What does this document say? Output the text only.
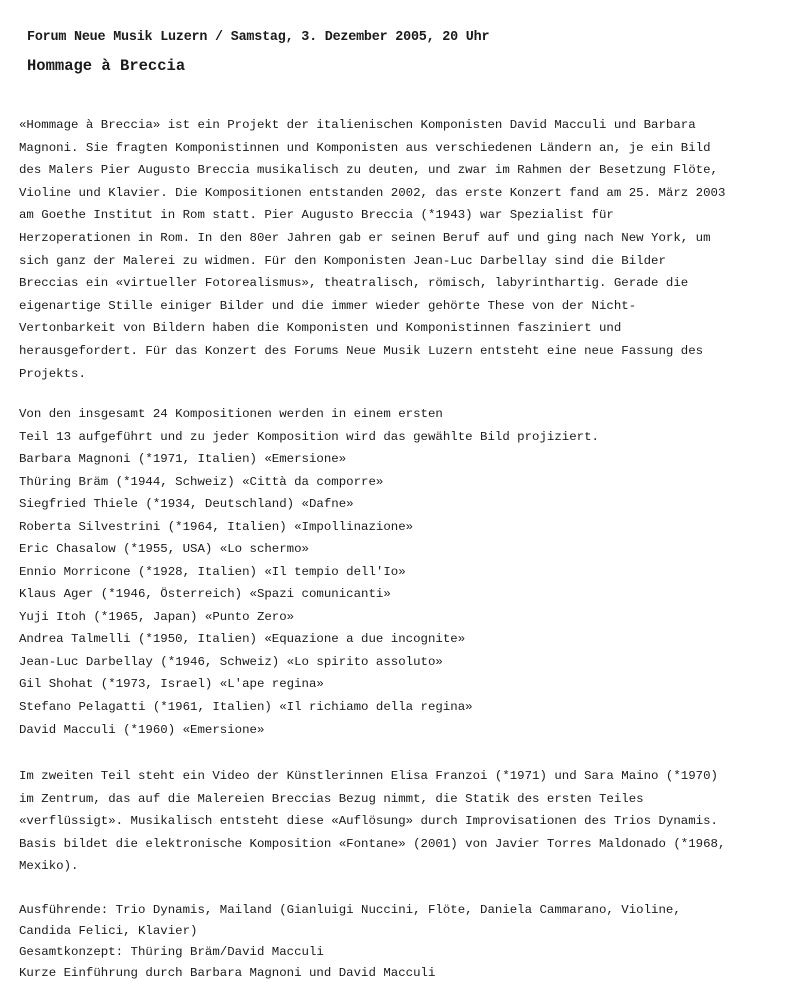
Forum Neue Musik Luzern / Samstag, 3. Dezember 2005, 20 Uhr
Hommage à Breccia
«Hommage à Breccia» ist ein Projekt der italienischen Komponisten David Macculi und Barbara
Magnoni. Sie fragten Komponistinnen und Komponisten aus verschiedenen Ländern an, je ein Bild
des Malers Pier Augusto Breccia musikalisch zu deuten, und zwar im Rahmen der Besetzung Flöte,
Violine und Klavier. Die Kompositionen entstanden 2002, das erste Konzert fand am 25. März 2003
am Goethe Institut in Rom statt. Pier Augusto Breccia (*1943) war Spezialist für
Herzoperationen in Rom. In den 80er Jahren gab er seinen Beruf auf und ging nach New York, um
sich ganz der Malerei zu widmen. Für den Komponisten Jean-Luc Darbellay sind die Bilder
Breccias ein «virtueller Fotorealismus», theatralisch, römisch, labyrinthartig. Gerade die
eigenartige Stille einiger Bilder und die immer wieder gehörte These von der Nicht-
Vertonbarkeit von Bildern haben die Komponisten und Komponistinnen fasziniert und
herausgefordert. Für das Konzert des Forums Neue Musik Luzern entsteht eine neue Fassung des
Projekts.
Von den insgesamt 24 Kompositionen werden in einem ersten
Teil 13 aufgeführt und zu jeder Komposition wird das gewählte Bild projiziert.
Barbara Magnoni (*1971, Italien) «Emersione»
Thüring Bräm (*1944, Schweiz) «Città da comporre»
Siegfried Thiele (*1934, Deutschland) «Dafne»
Roberta Silvestrini (*1964, Italien) «Impollinazione»
Eric Chasalow (*1955, USA) «Lo schermo»
Ennio Morricone (*1928, Italien) «Il tempio dell'Io»
Klaus Ager (*1946, Österreich) «Spazi comunicanti»
Yuji Itoh (*1965, Japan) «Punto Zero»
Andrea Talmelli (*1950, Italien) «Equazione a due incognite»
Jean-Luc Darbellay (*1946, Schweiz) «Lo spirito assoluto»
Gil Shohat (*1973, Israel) «L'ape regina»
Stefano Pelagatti (*1961, Italien) «Il richiamo della regina»
David Macculi (*1960) «Emersione»
Im zweiten Teil steht ein Video der Künstlerinnen Elisa Franzoi (*1971) und Sara Maino (*1970)
im Zentrum, das auf die Malereien Breccias Bezug nimmt, die Statik des ersten Teiles
«verflüssigt». Musikalisch entsteht diese «Auflösung» durch Improvisationen des Trios Dynamis.
Basis bildet die elektronische Komposition «Fontane» (2001) von Javier Torres Maldonado (*1968,
Mexiko).
Ausführende: Trio Dynamis, Mailand (Gianluigi Nuccini, Flöte, Daniela Cammarano, Violine,
Candida Felici, Klavier)
Gesamtkonzept: Thüring Bräm/David Macculi
Kurze Einführung durch Barbara Magnoni und David Macculi
